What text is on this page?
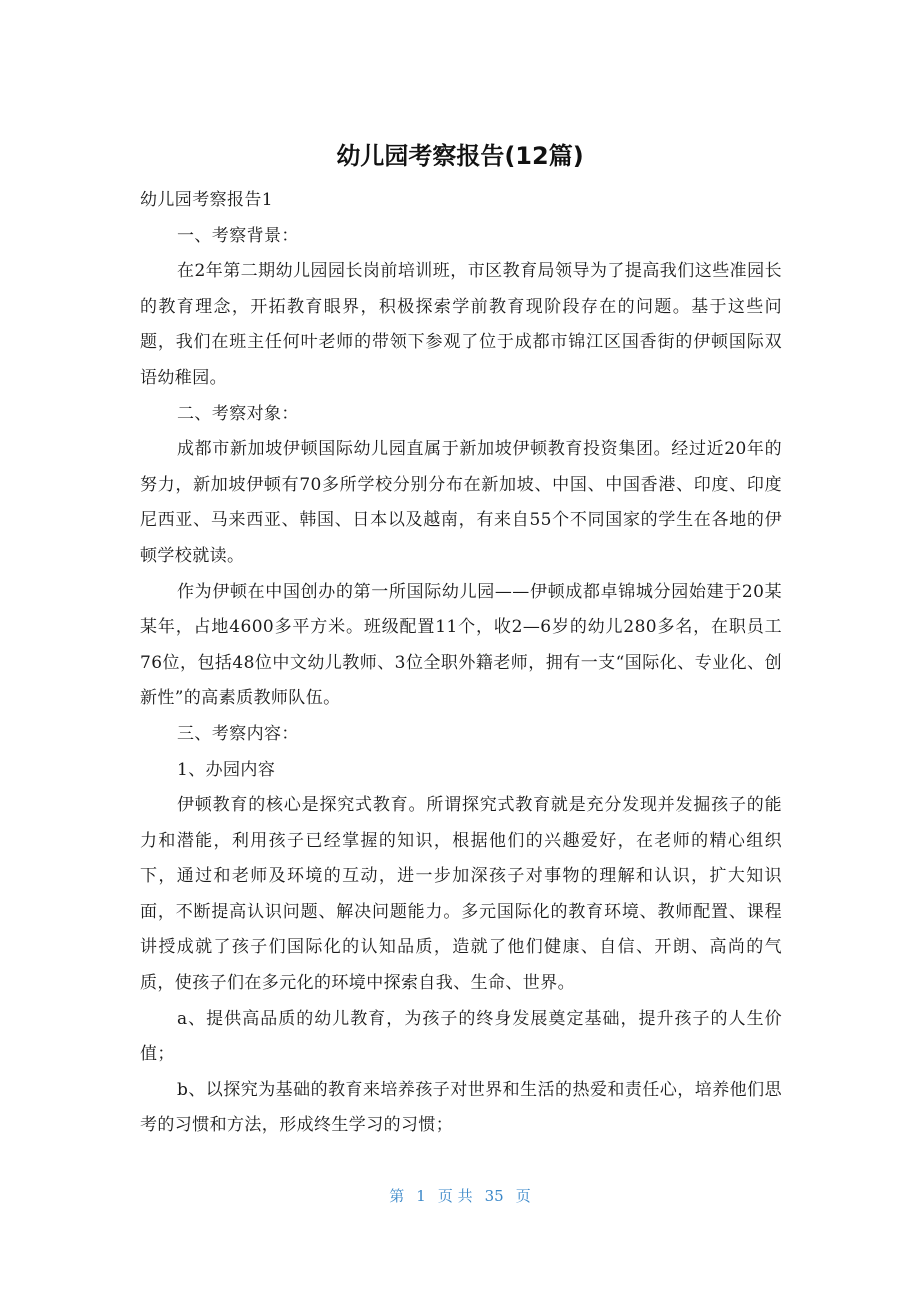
幼儿园考察报告(12篇)

幼儿园考察报告1

一、考察背景：

在2年第二期幼儿园园长岗前培训班，市区教育局领导为了提高我们这些准园长的教育理念，开拓教育眼界，积极探索学前教育现阶段存在的问题。基于这些问题，我们在班主任何叶老师的带领下参观了位于成都市锦江区国香街的伊顿国际双语幼稚园。

二、考察对象：

成都市新加坡伊顿国际幼儿园直属于新加坡伊顿教育投资集团。经过近20年的努力，新加坡伊顿有70多所学校分别分布在新加坡、中国、中国香港、印度、印度尼西亚、马来西亚、韩国、日本以及越南，有来自55个不同国家的学生在各地的伊顿学校就读。

作为伊顿在中国创办的第一所国际幼儿园——伊顿成都卓锦城分园始建于20某某年，占地4600多平方米。班级配置11个，收2—6岁的幼儿280多名，在职员工76位，包括48位中文幼儿教师、3位全职外籍老师，拥有一支“国际化、专业化、创新性”的高素质教师队伍。

三、考察内容：

1、办园内容

伊顿教育的核心是探究式教育。所谓探究式教育就是充分发现并发掘孩子的能力和潜能，利用孩子已经掌握的知识，根据他们的兴趣爱好，在老师的精心组织下，通过和老师及环境的互动，进一步加深孩子对事物的理解和认识，扩大知识面，不断提高认识问题、解决问题能力。多元国际化的教育环境、教师配置、课程讲授成就了孩子们国际化的认知品质，造就了他们健康、自信、开朗、高尚的气质，使孩子们在多元化的环境中探索自我、生命、世界。

a、提供高品质的幼儿教育，为孩子的终身发展奠定基础，提升孩子的人生价值；

b、以探究为基础的教育来培养孩子对世界和生活的热爱和责任心，培养他们思考的习惯和方法，形成终生学习的习惯；

第 1 页 共 35 页
